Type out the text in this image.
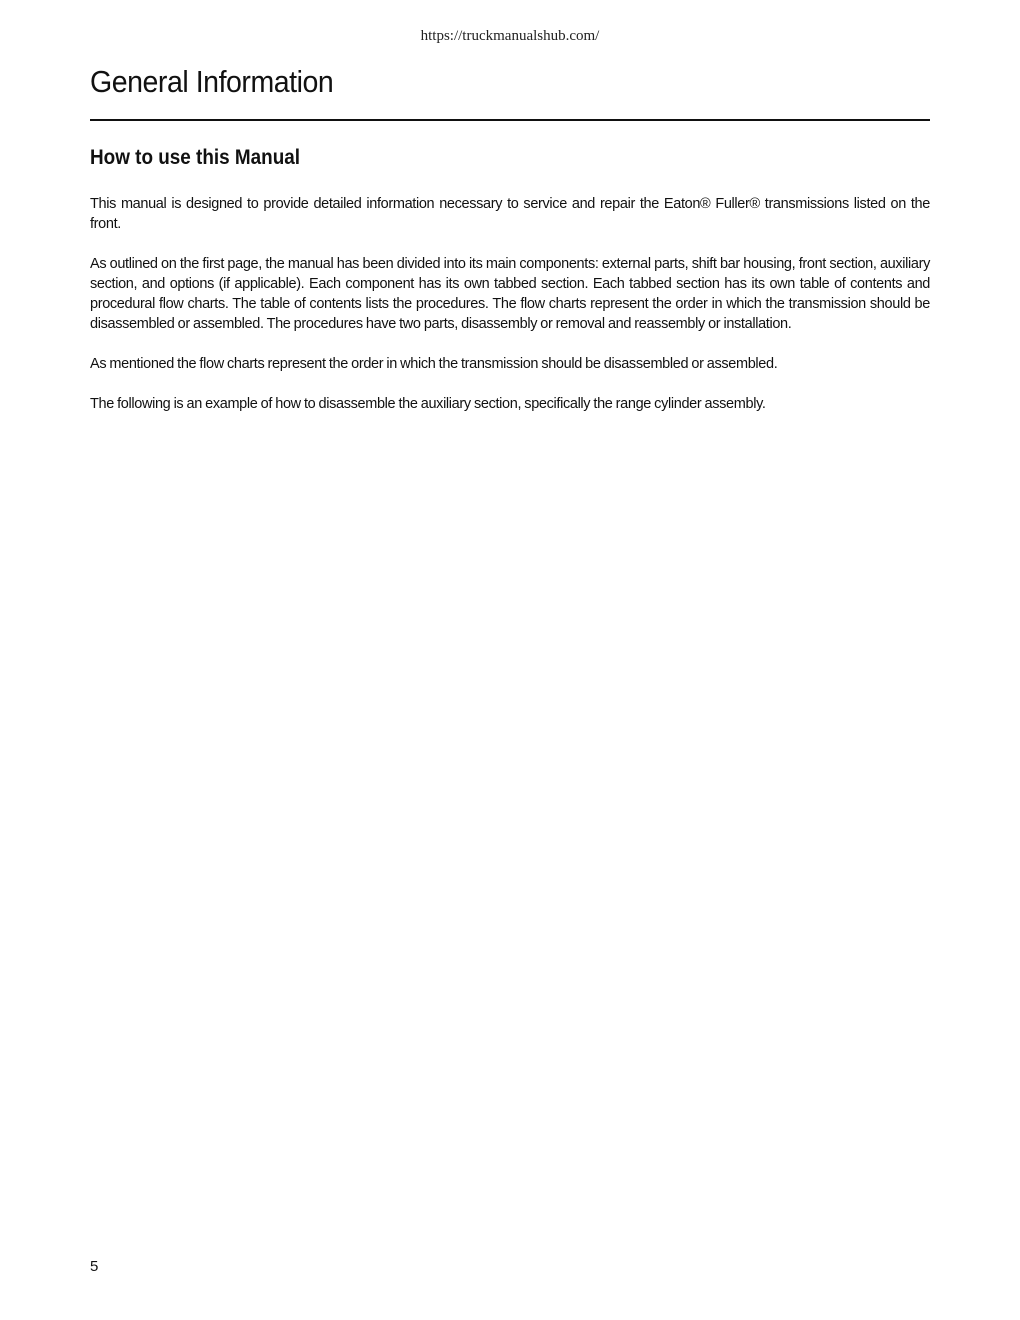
https://truckmanualshub.com/
General Information
How to use this Manual

This manual is designed to provide detailed information necessary to service and repair the Eaton® Fuller® transmissions listed on the front.

As outlined on the first page, the manual has been divided into its main components: external parts, shift bar housing, front section, auxiliary section, and options (if applicable). Each component has its own tabbed section. Each tabbed section has its own table of contents and procedural flow charts. The table of contents lists the procedures. The flow charts represent the order in which the transmission should be disassembled or assembled. The procedures have two parts, disassembly or removal and reassembly or installation.

As mentioned the flow charts represent the order in which the transmission should be disassembled or assembled.

The following is an example of how to disassemble the auxiliary section, specifically the range cylinder assembly.

5
